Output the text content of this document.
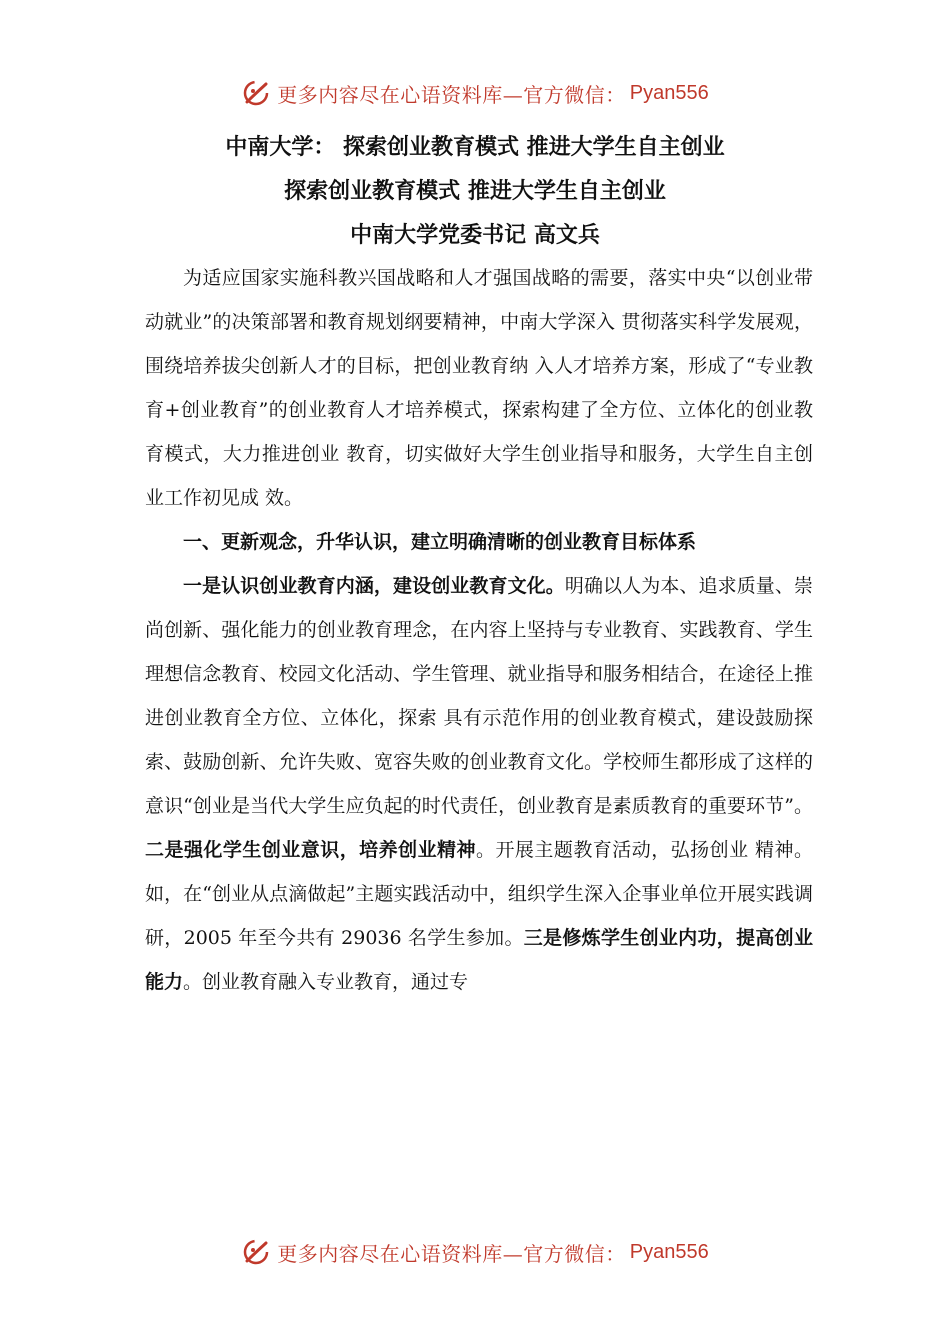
更多内容尽在心语资料库—官方微信： Pyan556
中南大学： 探索创业教育模式 推进大学生自主创业
探索创业教育模式 推进大学生自主创业
中南大学党委书记 高文兵

为适应国家实施科教兴国战略和人才强国战略的需要，落实中央“以创业带动就业”的决策部署和教育规划纲要精神，中南大学深入 贯彻落实科学发展观，围绕培养拔尖创新人才的目标，把创业教育纳 入人才培养方案，形成了“专业教育+创业教育”的创业教育人才培养模式，探索构建了全方位、立体化的创业教育模式，大力推进创业 教育，切实做好大学生创业指导和服务，大学生自主创业工作初见成 效。

一、更新观念，升华认识，建立明确清晰的创业教育目标体系

一是认识创业教育内涵，建设创业教育文化。明确以人为本、追求质量、崇尚创新、强化能力的创业教育理念，在内容上坚持与专业教育、实践教育、学生理想信念教育、校园文化活动、学生管理、就业指导和服务相结合，在途径上推进创业教育全方位、立体化，探索 具有示范作用的创业教育模式，建设鼓励探索、鼓励创新、允许失败、宽容失败的创业教育文化。学校师生都形成了这样的意识“创业是当代大学生应负起的时代责任，创业教育是素质教育的重要环节”。二是强化学生创业意识，培养创业精神。开展主题教育活动，弘扬创业 精神。如，在“创业从点滴做起”主题实践活动中，组织学生深入企事业单位开展实践调研，2005 年至今共有 29036 名学生参加。三是修炼学生创业内功，提高创业能力。创业教育融入专业教育，通过专

更多内容尽在心语资料库—官方微信： Pyan556
